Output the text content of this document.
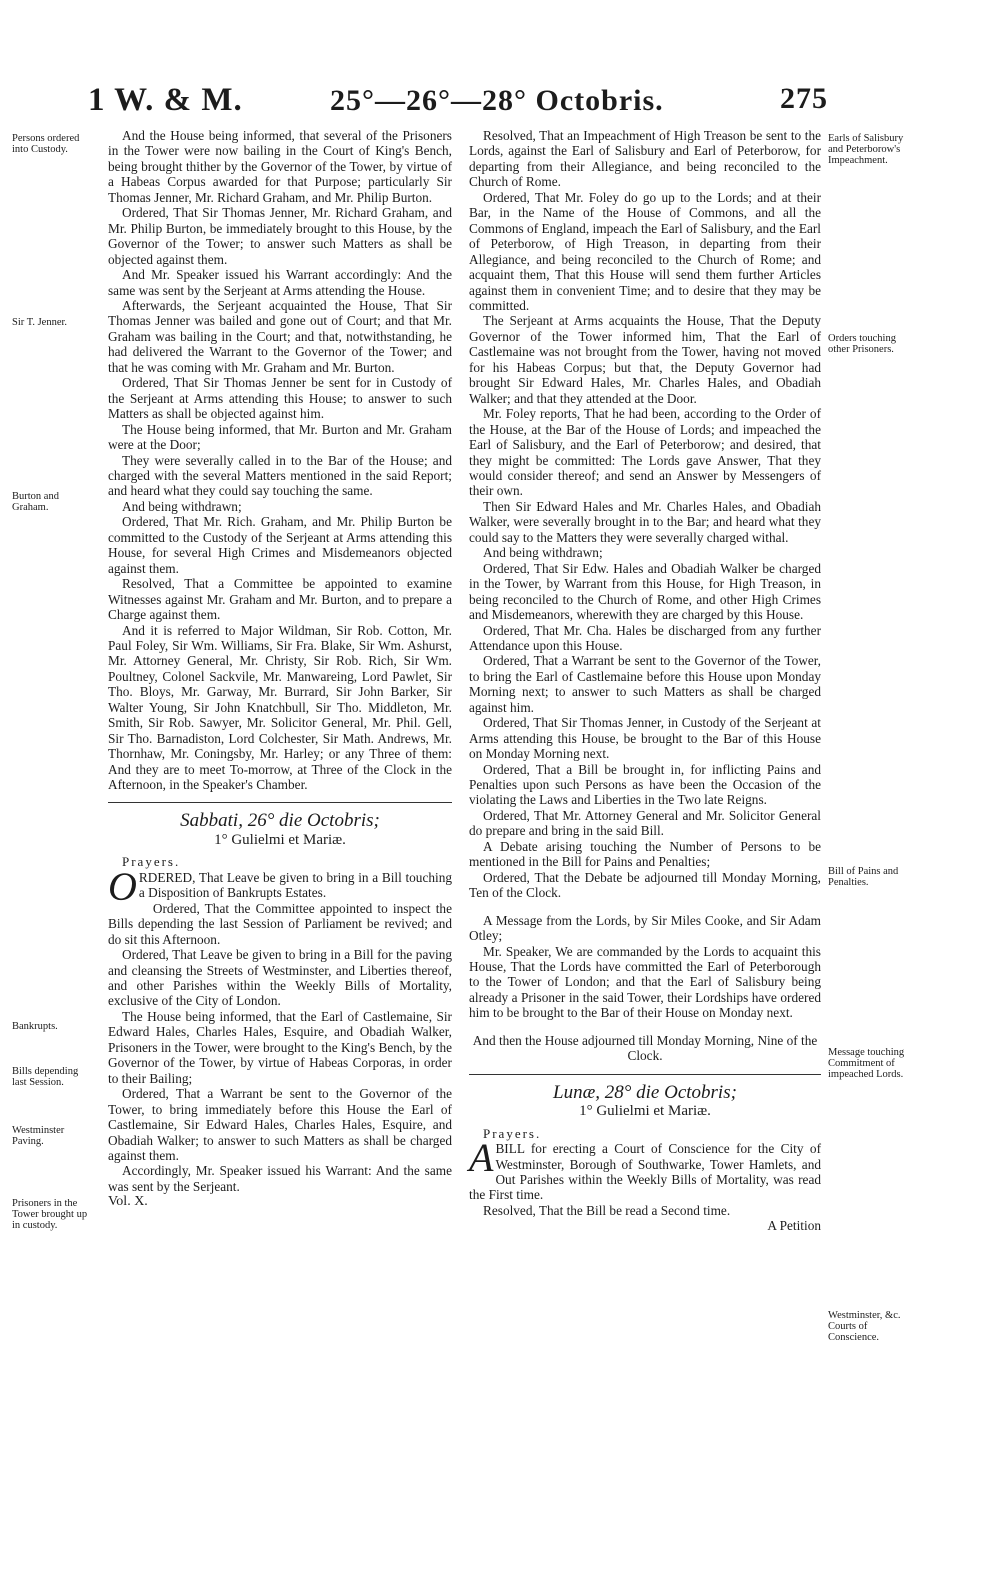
1 W. & M.	25°—26°—28° Octobris.	275
Persons ordered into Custody.
Sir T. Jenner.
Burton and Graham.
Bankrupts.
Bills depending last Session.
Westminster Paving.
Prisoners in the Tower brought up in custody.
Earls of Salisbury and Peterborow's Impeachment.
Orders touching other Prisoners.
Bill of Pains and Penalties.
Message touching Commitment of impeached Lords.
Westminster, &c. Courts of Conscience.

And the House being informed, that several of the Prisoners in the Tower were now bailing in the Court of King's Bench, being brought thither by the Governor of the Tower, by virtue of a Habeas Corpus awarded for that Purpose; particularly Sir Thomas Jenner, Mr. Richard Graham, and Mr. Philip Burton.

Ordered, That Sir Thomas Jenner, Mr. Richard Graham, and Mr. Philip Burton, be immediately brought to this House, by the Governor of the Tower; to answer such Matters as shall be objected against them.

And Mr. Speaker issued his Warrant accordingly: And the same was sent by the Serjeant at Arms attending the House.

Afterwards, the Serjeant acquainted the House, That Sir Thomas Jenner was bailed and gone out of Court; and that Mr. Graham was bailing in the Court; and that, notwithstanding, he had delivered the Warrant to the Governor of the Tower; and that he was coming with Mr. Graham and Mr. Burton.

Ordered, That Sir Thomas Jenner be sent for in Custody of the Serjeant at Arms attending this House; to answer to such Matters as shall be objected against him.

The House being informed, that Mr. Burton and Mr. Graham were at the Door;

They were severally called in to the Bar of the House; and charged with the several Matters mentioned in the said Report; and heard what they could say touching the same.

And being withdrawn;

Ordered, That Mr. Rich. Graham, and Mr. Philip Burton be committed to the Custody of the Serjeant at Arms attending this House, for several High Crimes and Misdemeanors objected against them.

Resolved, That a Committee be appointed to examine Witnesses against Mr. Graham and Mr. Burton, and to prepare a Charge against them.

And it is referred to Major Wildman, Sir Rob. Cotton, Mr. Paul Foley, Sir Wm. Williams, Sir Fra. Blake, Sir Wm. Ashurst, Mr. Attorney General, Mr. Christy, Sir Rob. Rich, Sir Wm. Poultney, Colonel Sackvile, Mr. Manwareing, Lord Pawlet, Sir Tho. Bloys, Mr. Garway, Mr. Burrard, Sir John Barker, Sir Walter Young, Sir John Knatchbull, Sir Tho. Middleton, Mr. Smith, Sir Rob. Sawyer, Mr. Solicitor General, Mr. Phil. Gell, Sir Tho. Barnadiston, Lord Colchester, Sir Math. Andrews, Mr. Thornhaw, Mr. Coningsby, Mr. Harley; or any Three of them: And they are to meet To-morrow, at Three of the Clock in the Afternoon, in the Speaker's Chamber.

Sabbati, 26° die Octobris;
1° Gulielmi et Mariæ.

Prayers.

ORDERED, That Leave be given to bring in a Bill touching a Disposition of Bankrupts Estates.

Ordered, That the Committee appointed to inspect the Bills depending the last Session of Parliament be revived; and do sit this Afternoon.

Ordered, That Leave be given to bring in a Bill for the paving and cleansing the Streets of Westminster, and Liberties thereof, and other Parishes within the Weekly Bills of Mortality, exclusive of the City of London.

The House being informed, that the Earl of Castlemaine, Sir Edward Hales, Charles Hales, Esquire, and Obadiah Walker, Prisoners in the Tower, were brought to the King's Bench, by the Governor of the Tower, by virtue of Habeas Corporas, in order to their Bailing;

Ordered, That a Warrant be sent to the Governor of the Tower, to bring immediately before this House the Earl of Castlemaine, Sir Edward Hales, Charles Hales, Esquire, and Obadiah Walker; to answer to such Matters as shall be charged against them.

Accordingly, Mr. Speaker issued his Warrant: And the same was sent by the Serjeant.

Vol. X.

Resolved, That an Impeachment of High Treason be sent to the Lords, against the Earl of Salisbury and Earl of Peterborow, for departing from their Allegiance, and being reconciled to the Church of Rome.

Ordered, That Mr. Foley do go up to the Lords; and at their Bar, in the Name of the House of Commons, and all the Commons of England, impeach the Earl of Salisbury, and the Earl of Peterborow, of High Treason, in departing from their Allegiance, and being reconciled to the Church of Rome; and acquaint them, That this House will send them further Articles against them in convenient Time; and to desire that they may be committed.

The Serjeant at Arms acquaints the House, That the Deputy Governor of the Tower informed him, That the Earl of Castlemaine was not brought from the Tower, having not moved for his Habeas Corpus; but that, the Deputy Governor had brought Sir Edward Hales, Mr. Charles Hales, and Obadiah Walker; and that they attended at the Door.

Mr. Foley reports, That he had been, according to the Order of the House, at the Bar of the House of Lords; and impeached the Earl of Salisbury, and the Earl of Peterborow; and desired, that they might be committed: The Lords gave Answer, That they would consider thereof; and send an Answer by Messengers of their own.

Then Sir Edward Hales and Mr. Charles Hales, and Obadiah Walker, were severally brought in to the Bar; and heard what they could say to the Matters they were severally charged withal.

And being withdrawn;

Ordered, That Sir Edw. Hales and Obadiah Walker be charged in the Tower, by Warrant from this House, for High Treason, in being reconciled to the Church of Rome, and other High Crimes and Misdemeanors, wherewith they are charged by this House.

Ordered, That Mr. Cha. Hales be discharged from any further Attendance upon this House.

Ordered, That a Warrant be sent to the Governor of the Tower, to bring the Earl of Castlemaine before this House upon Monday Morning next; to answer to such Matters as shall be charged against him.

Ordered, That Sir Thomas Jenner, in Custody of the Serjeant at Arms attending this House, be brought to the Bar of this House on Monday Morning next.

Ordered, That a Bill be brought in, for inflicting Pains and Penalties upon such Persons as have been the Occasion of the violating the Laws and Liberties in the Two late Reigns.

Ordered, That Mr. Attorney General and Mr. Solicitor General do prepare and bring in the said Bill.

A Debate arising touching the Number of Persons to be mentioned in the Bill for Pains and Penalties;

Ordered, That the Debate be adjourned till Monday Morning, Ten of the Clock.

A Message from the Lords, by Sir Miles Cooke, and Sir Adam Otley;

Mr. Speaker, We are commanded by the Lords to acquaint this House, That the Lords have committed the Earl of Peterborough to the Tower of London; and that the Earl of Salisbury being already a Prisoner in the said Tower, their Lordships have ordered him to be brought to the Bar of their House on Monday next.

And then the House adjourned till Monday Morning, Nine of the Clock.

Lunæ, 28° die Octobris;
1° Gulielmi et Mariæ.

Prayers.

ABILL for erecting a Court of Conscience for the City of Westminster, Borough of Southwarke, Tower Hamlets, and Out Parishes within the Weekly Bills of Mortality, was read the First time.

Resolved, That the Bill be read a Second time.

A Petition
